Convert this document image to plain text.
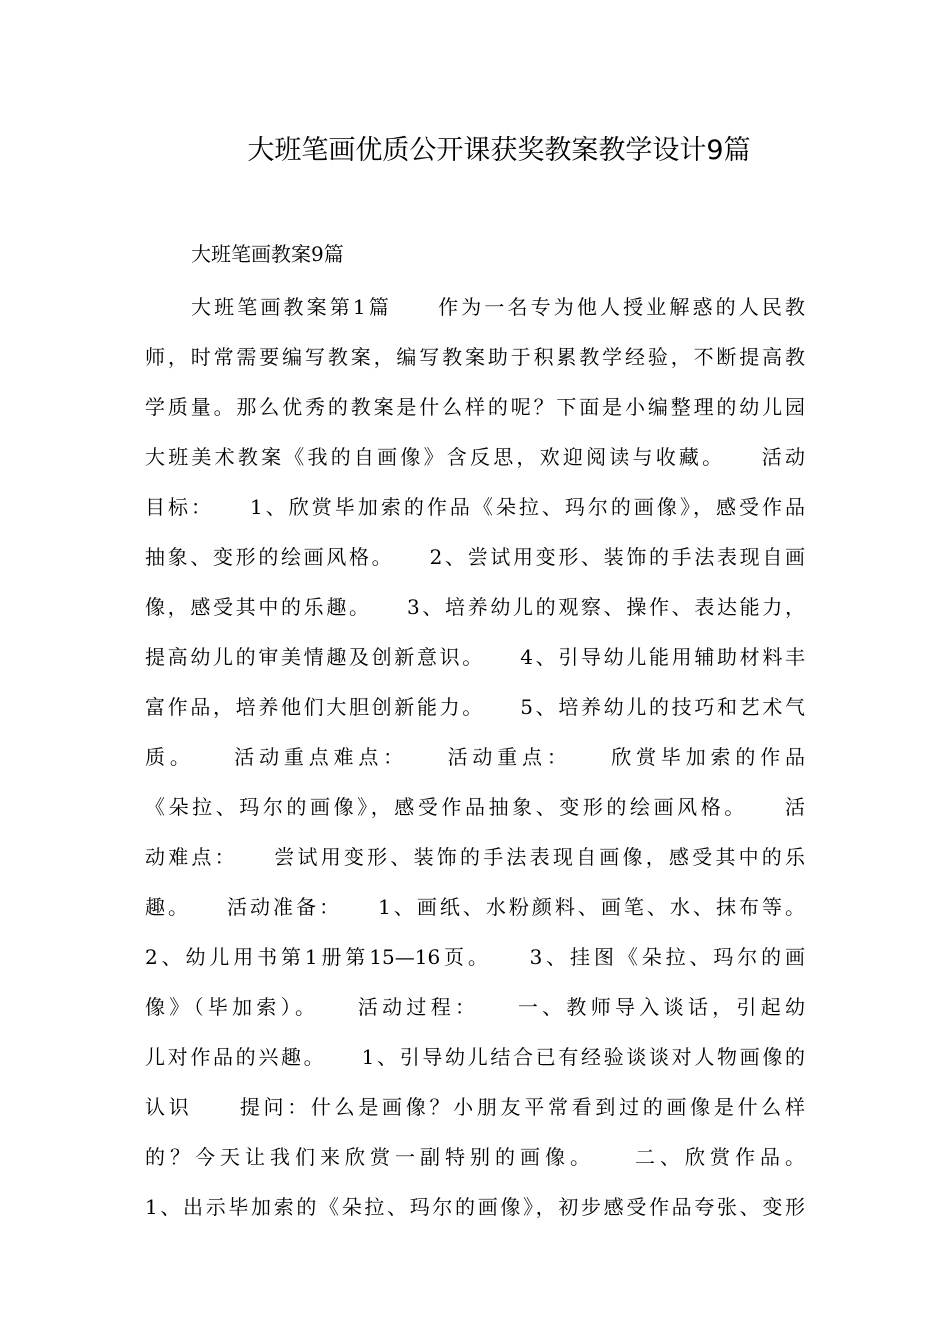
大班笔画优质公开课获奖教案教学设计9篇
大班笔画教案9篇
大班笔画教案第1篇　　作为一名专为他人授业解惑的人民教
师，时常需要编写教案，编写教案助于积累教学经验，不断提高教
学质量。那么优秀的教案是什么样的呢？下面是小编整理的幼儿园
大班美术教案《我的自画像》含反思，欢迎阅读与收藏。　　活动
目标：　　1、欣赏毕加索的作品《朵拉、玛尔的画像》，感受作品
抽象、变形的绘画风格。　　2、尝试用变形、装饰的手法表现自画
像，感受其中的乐趣。　　3、培养幼儿的观察、操作、表达能力，
提高幼儿的审美情趣及创新意识。　　4、引导幼儿能用辅助材料丰
富作品，培养他们大胆创新能力。　　5、培养幼儿的技巧和艺术气
质。　　活动重点难点：　　活动重点：　　欣赏毕加索的作品
《朵拉、玛尔的画像》，感受作品抽象、变形的绘画风格。　　活
动难点：　　尝试用变形、装饰的手法表现自画像，感受其中的乐
趣。　　活动准备：　　1、画纸、水粉颜料、画笔、水、抹布等。
2、幼儿用书第1册第15—16页。　　3、挂图《朵拉、玛尔的画
像》（毕加索）。　　活动过程：　　一、教师导入谈话，引起幼
儿对作品的兴趣。　　1、引导幼儿结合已有经验谈谈对人物画像的
认识　　提问：什么是画像？小朋友平常看到过的画像是什么样
的？今天让我们来欣赏一副特别的画像。　　二、欣赏作品。
1、出示毕加索的《朵拉、玛尔的画像》，初步感受作品夸张、变形
